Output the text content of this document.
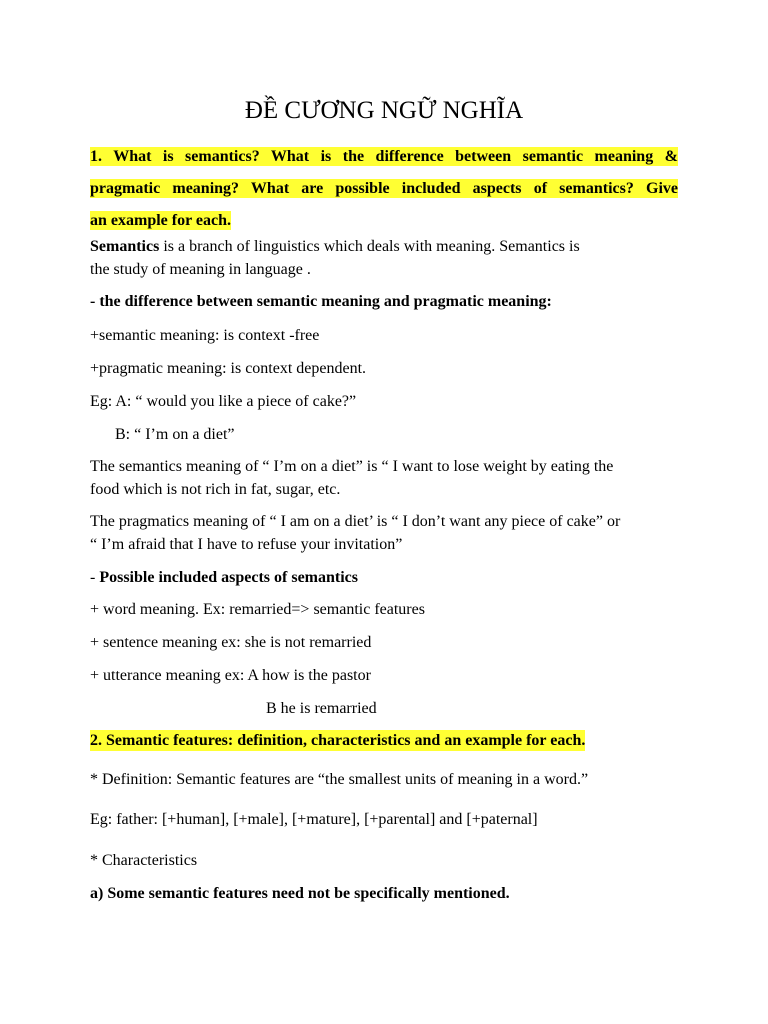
ĐỀ CƯƠNG NGỮ NGHĨA
1. What is semantics? What is the difference between semantic meaning &
pragmatic meaning? What are possible included aspects of semantics? Give
an example for each.

Semantics is a branch of linguistics which deals with meaning. Semantics is
the study of meaning in language .

- the difference between semantic meaning and pragmatic meaning:

+semantic meaning: is context -free

+pragmatic meaning: is context dependent.

Eg: A: “ would you like a piece of cake?”

B: “ I’m on a diet”

The semantics meaning of “ I’m on a diet” is “ I want to lose weight by eating the
food which is not rich in fat, sugar, etc.

The pragmatics meaning of “ I am on a diet’ is “ I don’t want any piece of cake” or
“ I’m afraid that I have to refuse your invitation”

- Possible included aspects of semantics

+ word meaning. Ex: remarried=> semantic features

+ sentence meaning ex: she is not remarried

+ utterance meaning ex: A how is the pastor

B he is remarried

2. Semantic features: definition, characteristics and an example for each.

* Definition: Semantic features are “the smallest units of meaning in a word.”

Eg: father: [+human], [+male], [+mature], [+parental] and [+paternal]

* Characteristics

a) Some semantic features need not be specifically mentioned.
